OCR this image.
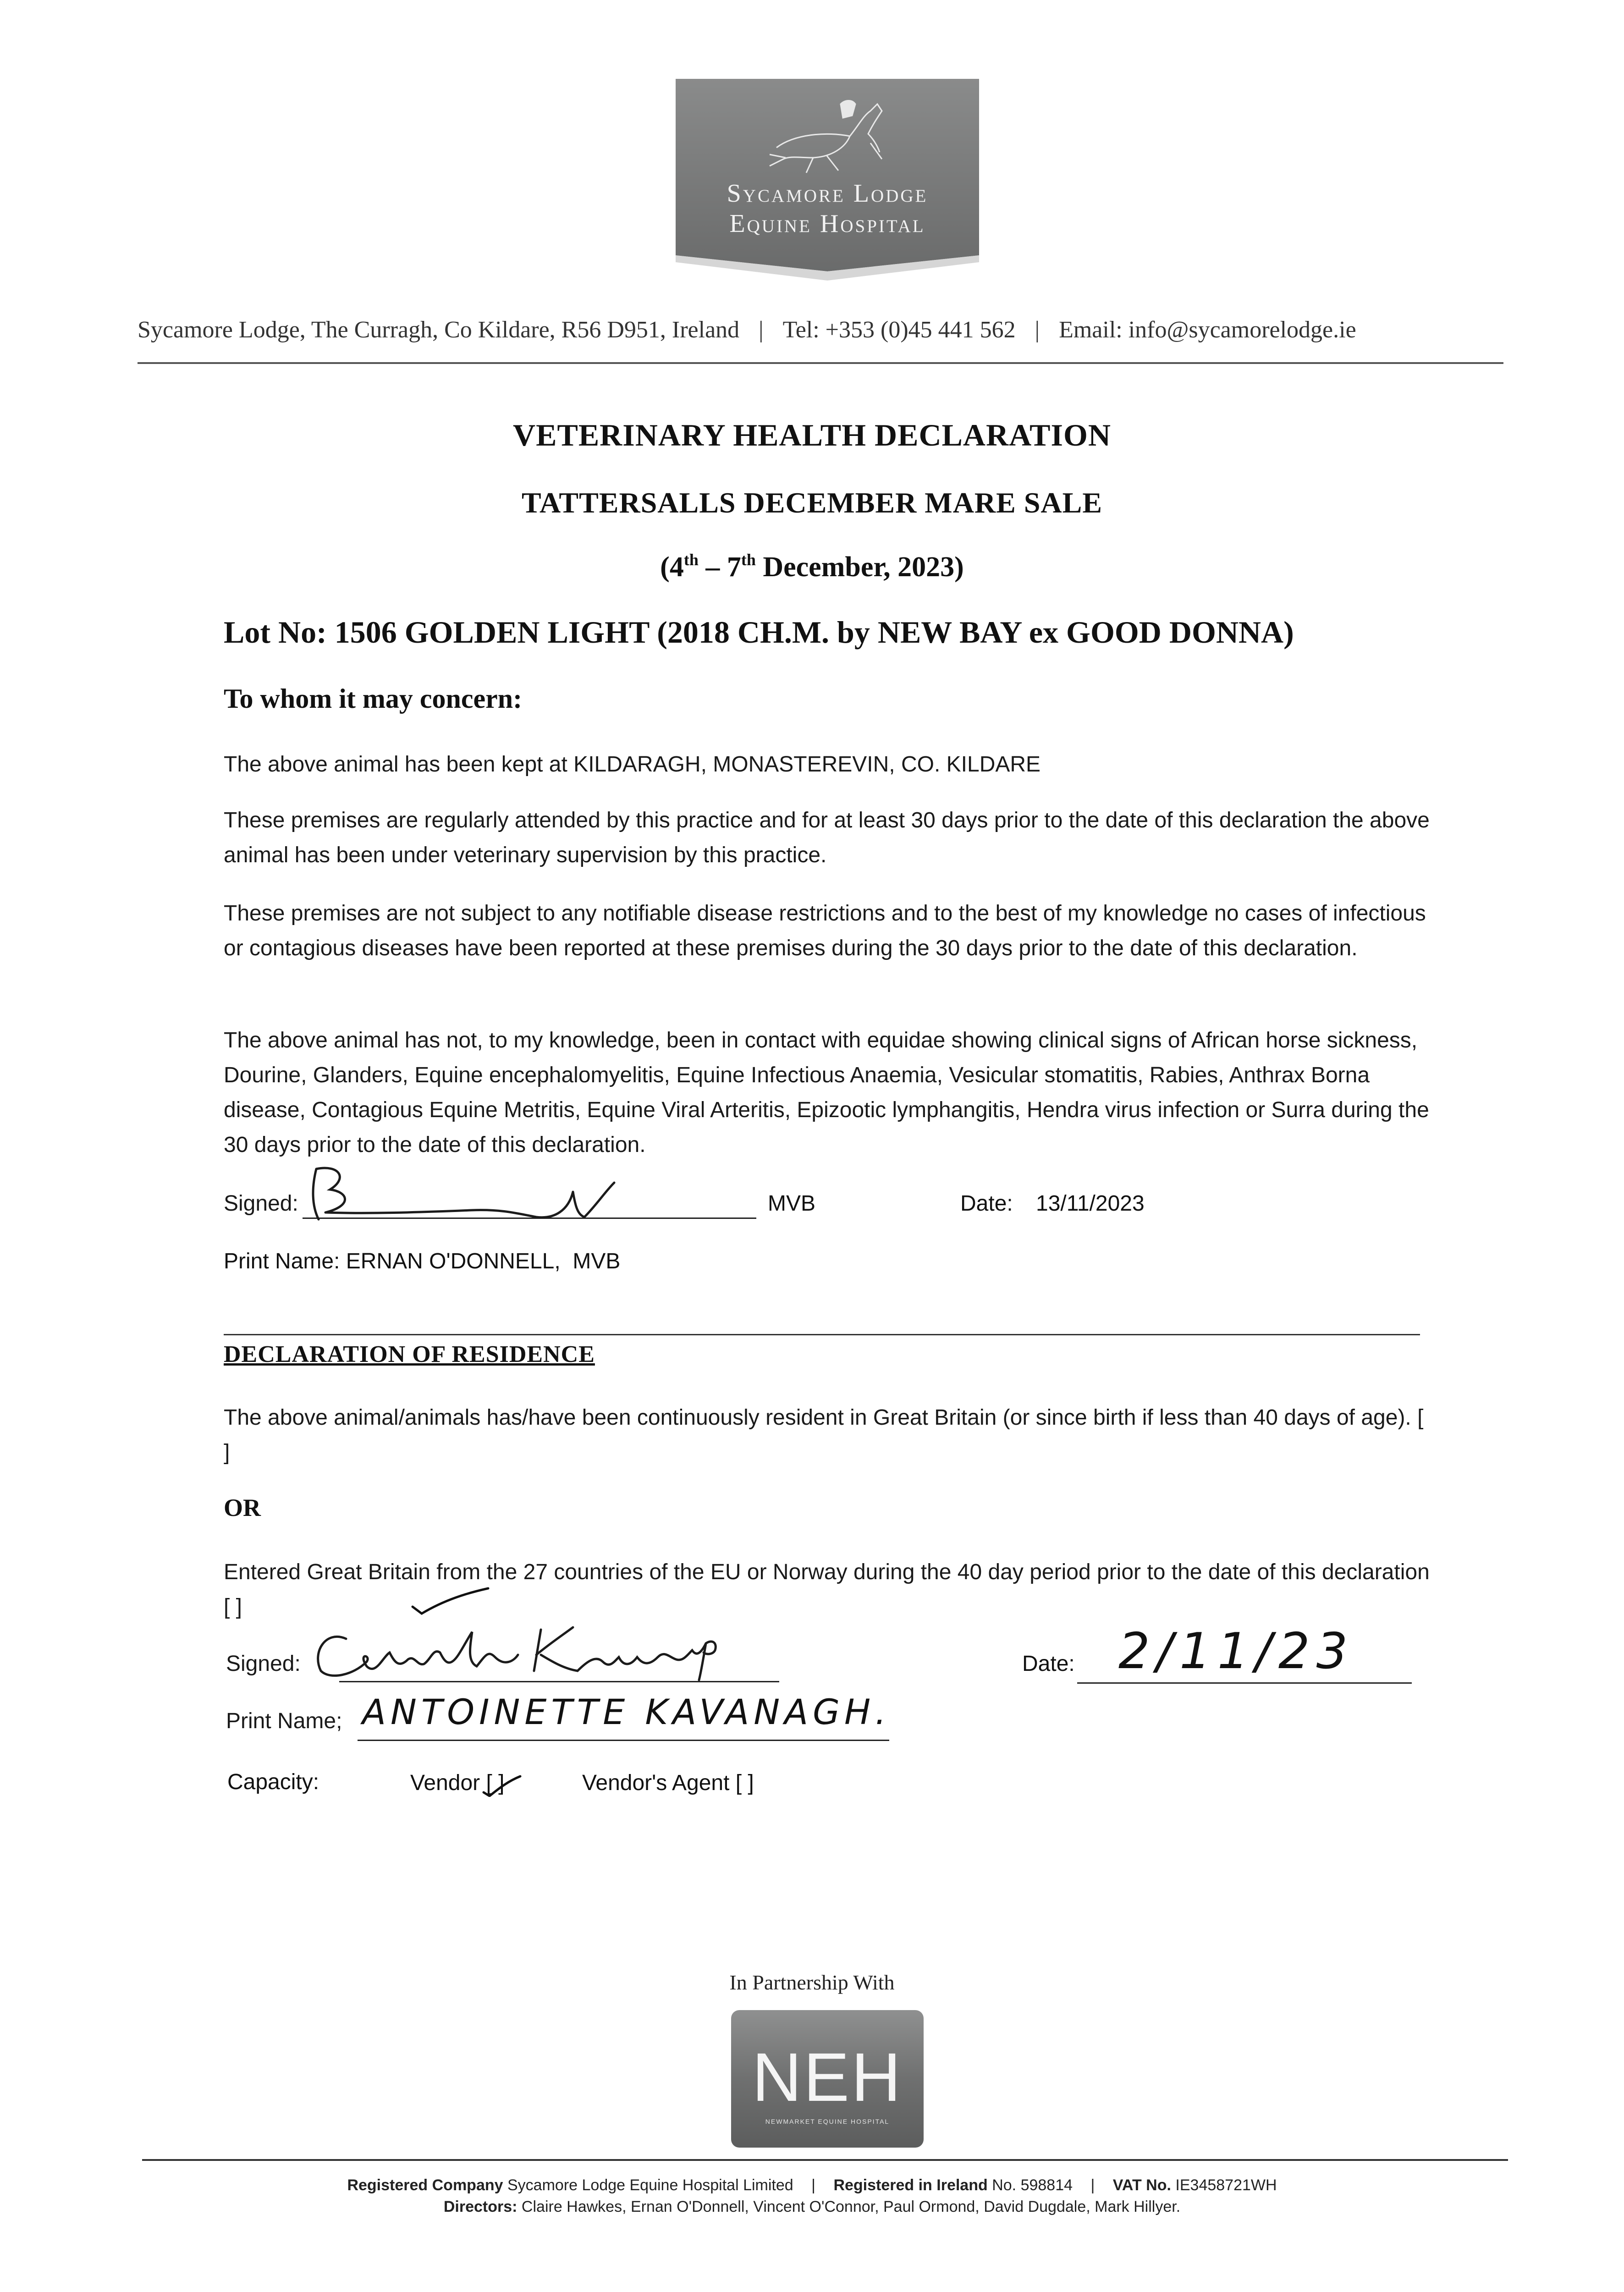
Sycamore Lodge
Equine Hospital
Sycamore Lodge, The Curragh, Co Kildare, R56 D951, Ireland | Tel: +353 (0)45 441 562 | Email: info@sycamorelodge.ie
VETERINARY HEALTH DECLARATION
TATTERSALLS DECEMBER MARE SALE
(4th – 7th December, 2023)
Lot No: 1506 GOLDEN LIGHT (2018 CH.M. by NEW BAY ex GOOD DONNA)
To whom it may concern:
The above animal has been kept at KILDARAGH, MONASTEREVIN, CO. KILDARE
These premises are regularly attended by this practice and for at least 30 days prior to the date of this declaration the above animal has been under veterinary supervision by this practice.
These premises are not subject to any notifiable disease restrictions and to the best of my knowledge no cases of infectious or contagious diseases have been reported at these premises during the 30 days prior to the date of this declaration.
The above animal has not, to my knowledge, been in contact with equidae showing clinical signs of African horse sickness, Dourine, Glanders, Equine encephalomyelitis, Equine Infectious Anaemia, Vesicular stomatitis, Rabies, Anthrax Borna disease, Contagious Equine Metritis, Equine Viral Arteritis, Epizootic lymphangitis, Hendra virus infection or Surra during the 30 days prior to the date of this declaration.
Signed:	MVB	Date: 13/11/2023
Print Name: ERNAN O'DONNELL,  MVB
DECLARATION OF RESIDENCE
The above animal/animals has/have been continuously resident in Great Britain (or since birth if less than 40 days of age). [ ]
OR
Entered Great Britain from the 27 countries of the EU or Norway during the 40 day period prior to the date of this declaration [ ]
Signed:	Date: 2/11/23
Print Name; ANTOINETTE KAVANAGH.
Capacity:	Vendor [ ]	Vendor's Agent [ ]
In Partnership With
NEH
NEWMARKET EQUINE HOSPITAL
Registered Company Sycamore Lodge Equine Hospital Limited | Registered in Ireland No. 598814 | VAT No. IE3458721WH
Directors: Claire Hawkes, Ernan O'Donnell, Vincent O'Connor, Paul Ormond, David Dugdale, Mark Hillyer.
